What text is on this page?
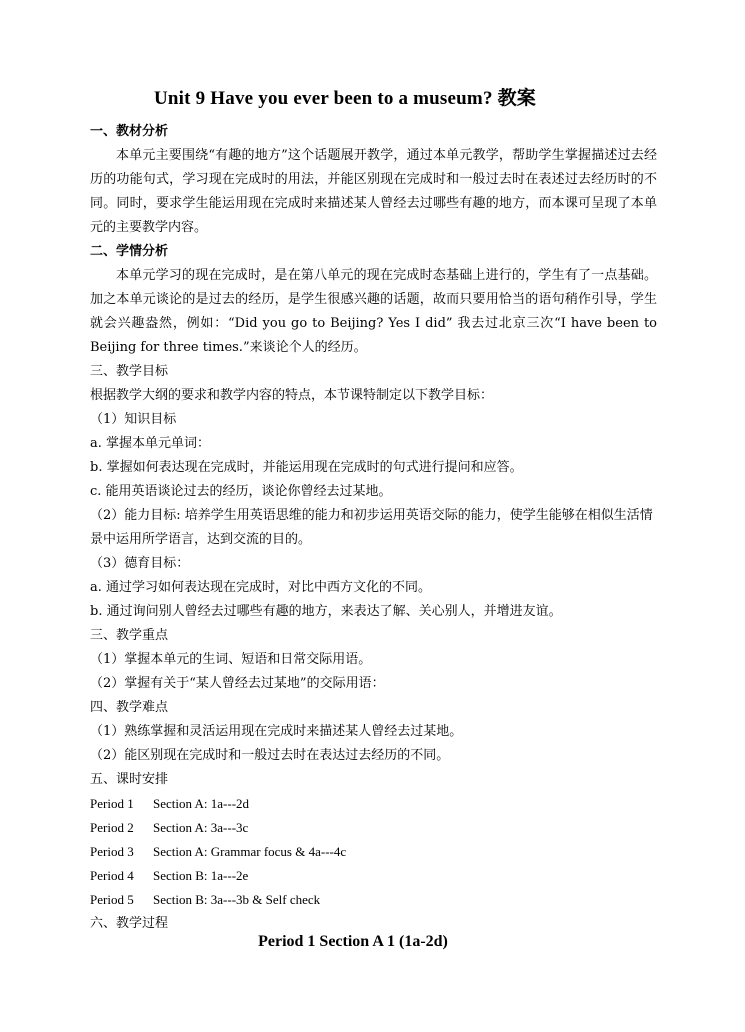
Unit 9 Have you ever been to a museum? 教案

一、教材分析

本单元主要围绕“有趣的地方”这个话题展开教学，通过本单元教学，帮助学生掌握描述过去经历的功能句式，学习现在完成时的用法，并能区别现在完成时和一般过去时在表述过去经历时的不同。同时，要求学生能运用现在完成时来描述某人曾经去过哪些有趣的地方，而本课可呈现了本单元的主要教学内容。

二、学情分析

本单元学习的现在完成时，是在第八单元的现在完成时态基础上进行的，学生有了一点基础。加之本单元谈论的是过去的经历，是学生很感兴趣的话题，故而只要用恰当的语句稍作引导，学生就会兴趣盎然，例如：“Did you go to Beijing? Yes I did” 我去过北京三次“I have been to Beijing for three times.”来谈论个人的经历。

三、教学目标

根据教学大纲的要求和教学内容的特点，本节课特制定以下教学目标：

（1）知识目标

a. 掌握本单元单词：

b. 掌握如何表达现在完成时，并能运用现在完成时的句式进行提问和应答。

c. 能用英语谈论过去的经历，谈论你曾经去过某地。

（2）能力目标: 培养学生用英语思维的能力和初步运用英语交际的能力，使学生能够在相似生活情景中运用所学语言，达到交流的目的。

（3）德育目标：

a. 通过学习如何表达现在完成时，对比中西方文化的不同。

b. 通过询问别人曾经去过哪些有趣的地方，来表达了解、关心别人，并增进友谊。

三、教学重点

（1）掌握本单元的生词、短语和日常交际用语。

（2）掌握有关于“某人曾经去过某地”的交际用语：

四、教学难点

（1）熟练掌握和灵活运用现在完成时来描述某人曾经去过某地。

（2）能区别现在完成时和一般过去时在表达过去经历的不同。

五、课时安排

Period 1	Section A: 1a---2d
Period 2	Section A: 3a---3c
Period 3	Section A: Grammar focus & 4a---4c
Period 4	Section B: 1a---2e
Period 5	Section B: 3a---3b & Self check

六、教学过程

Period 1 Section A 1 (1a-2d)
